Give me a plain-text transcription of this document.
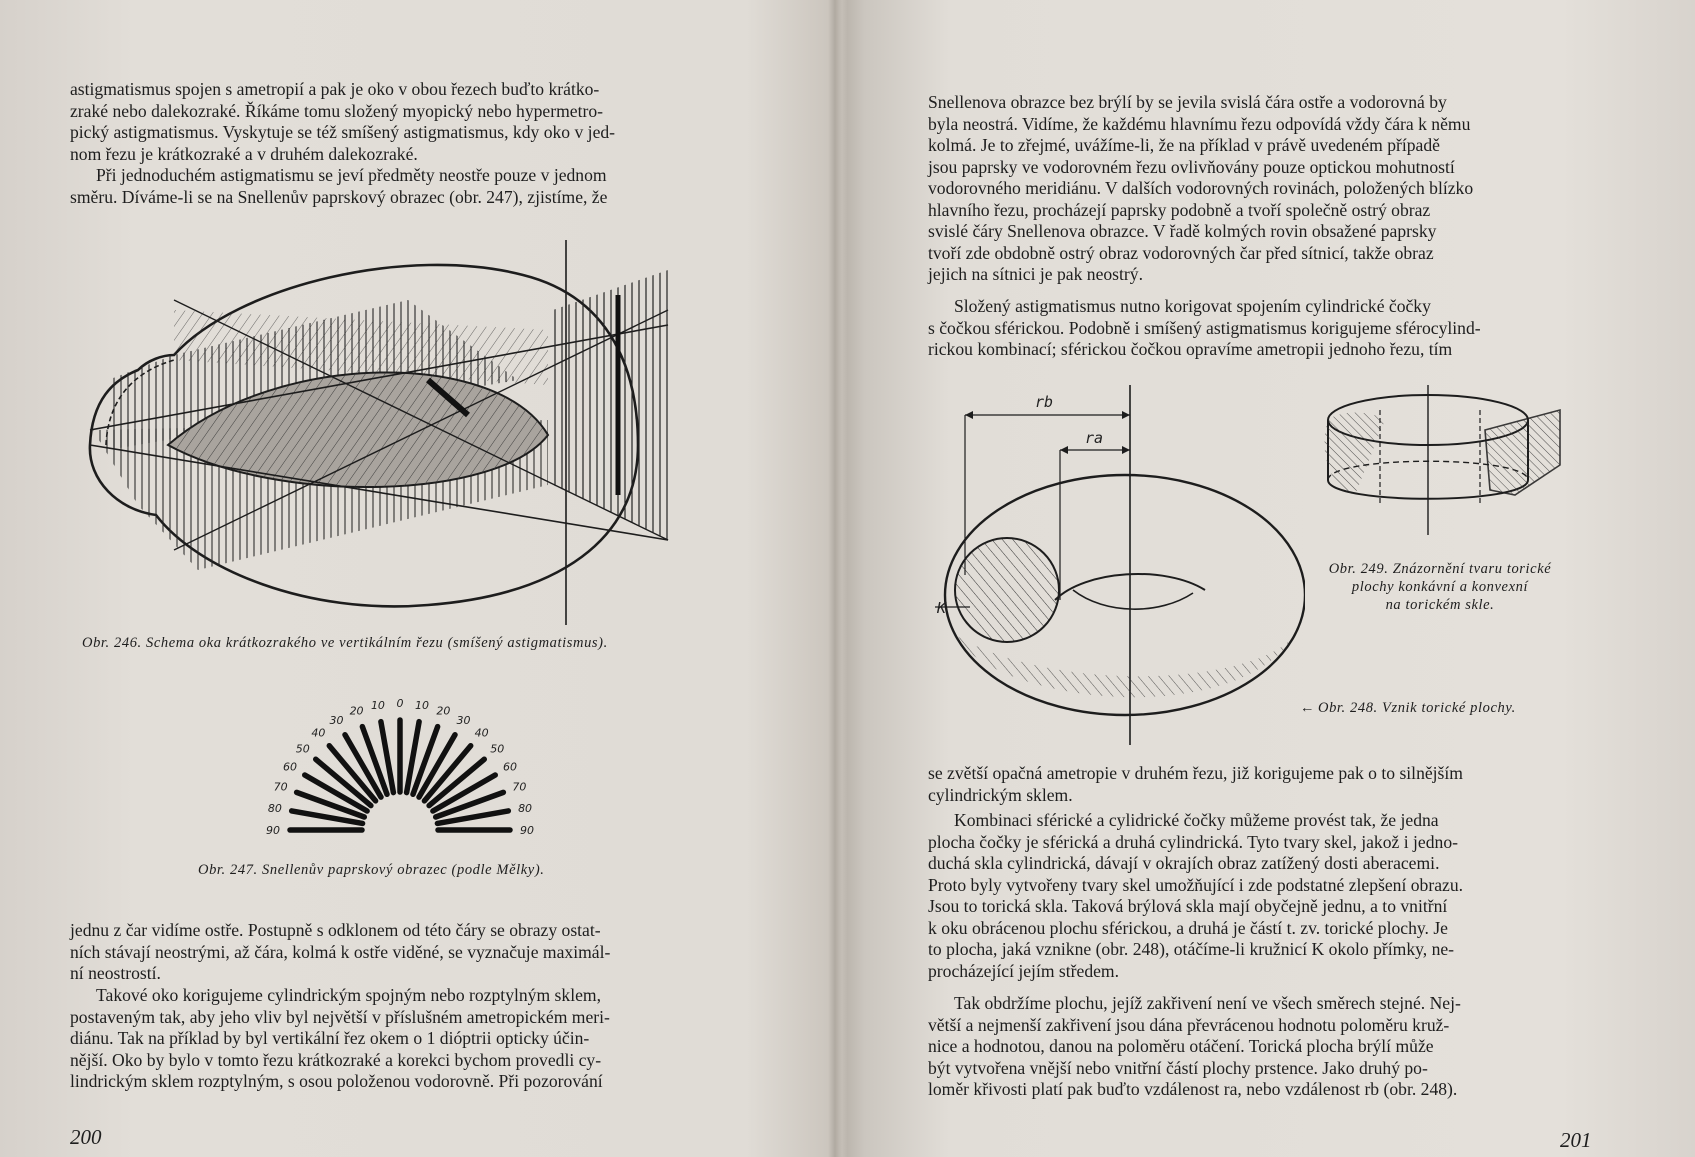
astigmatismus spojen s ametropií a pak je oko v obou řezech buďto krátko-
zraké nebo dalekozraké. Říkáme tomu složený myopický nebo hypermetro-
pický astigmatismus. Vyskytuje se též smíšený astigmatismus, kdy oko v jed-
nom řezu je krátkozraké a v druhém dalekozraké.

Při jednoduchém astigmatismu se jeví předměty neostře pouze v jednom
směru. Díváme-li se na Snellenův paprskový obrazec (obr. 247), zjistíme, že

Obr. 246. Schema oka krátkozrakého ve vertikálním řezu (smíšený astigmatismus).

90
80
70
60
50
40
30
20 10 0 10 20
30
40
50
60
70
80
90

Obr. 247. Snellenův paprskový obrazec (podle Mělky).

jednu z čar vidíme ostře. Postupně s odklonem od této čáry se obrazy ostat-
ních stávají neostrými, až čára, kolmá k ostře viděné, se vyznačuje maximál-
ní neostrostí.

Takové oko korigujeme cylindrickým spojným nebo rozptylným sklem,
postaveným tak, aby jeho vliv byl největší v příslušném ametropickém meri-
diánu. Tak na příklad by byl vertikální řez okem o 1 dióptrii opticky účin-
nější. Oko by bylo v tomto řezu krátkozraké a korekci bychom provedli cy-
lindrickým sklem rozptylným, s osou položenou vodorovně. Při pozorování

200

Snellenova obrazce bez brýlí by se jevila svislá čára ostře a vodorovná by
byla neostrá. Vidíme, že každému hlavnímu řezu odpovídá vždy čára k němu
kolmá. Je to zřejmé, uvážíme-li, že na příklad v právě uvedeném případě
jsou paprsky ve vodorovném řezu ovlivňovány pouze optickou mohutností
vodorovného meridiánu. V dalších vodorovných rovinách, položených blízko
hlavního řezu, procházejí paprsky podobně a tvoří společně ostrý obraz
svislé čáry Snellenova obrazce. V řadě kolmých rovin obsažené paprsky
tvoří zde obdobně ostrý obraz vodorovných čar před sítnicí, takže obraz
jejich na sítnici je pak neostrý.

Složený astigmatismus nutno korigovat spojením cylindrické čočky
s čočkou sférickou. Podobně i smíšený astigmatismus korigujeme sférocylind-
rickou kombinací; sférickou čočkou opravíme ametropii jednoho řezu, tím

rb
ra
K

Obr. 249. Znázornění tvaru torické
plochy konkávní a konvexní
na torickém skle.

← Obr. 248. Vznik torické plochy.

se zvětší opačná ametropie v druhém řezu, již korigujeme pak o to silnějším
cylindrickým sklem.

Kombinaci sférické a cylidrické čočky můžeme provést tak, že jedna
plocha čočky je sférická a druhá cylindrická. Tyto tvary skel, jakož i jedno-
duchá skla cylindrická, dávají v okrajích obraz zatížený dosti aberacemi.
Proto byly vytvořeny tvary skel umožňující i zde podstatné zlepšení obrazu.
Jsou to torická skla. Taková brýlová skla mají obyčejně jednu, a to vnitřní
k oku obrácenou plochu sférickou, a druhá je částí t. zv. torické plochy. Je
to plocha, jaká vznikne (obr. 248), otáčíme-li kružnicí K okolo přímky, ne-
procházející jejím středem.

Tak obdržíme plochu, jejíž zakřivení není ve všech směrech stejné. Nej-
větší a nejmenší zakřivení jsou dána převrácenou hodnotu poloměru kruž-
nice a hodnotou, danou na poloměru otáčení. Torická plocha brýlí může
být vytvořena vnější nebo vnitřní částí plochy prstence. Jako druhý po-
loměr křivosti platí pak buďto vzdálenost ra, nebo vzdálenost rb (obr. 248).

201
